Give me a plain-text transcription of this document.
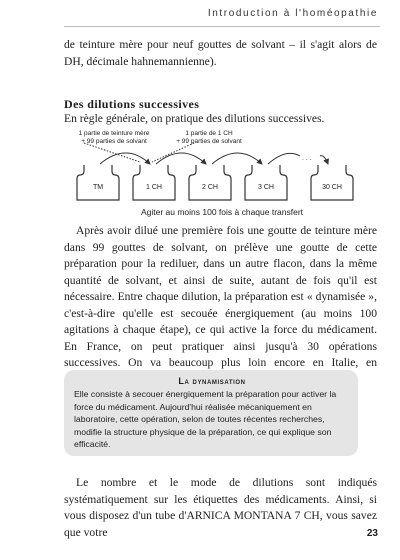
Introduction à l'homéopathie
de teinture mère pour neuf gouttes de solvant – il s'agit alors de DH, décimale hahnemannienne).
Des dilutions successives
En règle générale, on pratique des dilutions successives.
. . .
1 partie de teinture mère
+ 99 parties de solvant
1 partie de 1 CH
+ 99 parties de solvant
TM	1 CH	2 CH	3 CH	30 CH
Agiter au moins 100 fois à chaque transfert
Après avoir dilué une première fois une goutte de teinture mère dans 99 gouttes de solvant, on prélève une goutte de cette préparation pour la rediluer, dans un autre flacon, dans la même quantité de solvant, et ainsi de suite, autant de fois qu'il est nécessaire. Entre chaque dilution, la préparation est « dynamisée », c'est-à-dire qu'elle est secouée énergiquement (au moins 100 agitations à chaque étape), ce qui active la force du médicament. En France, on peut pratiquer ainsi jusqu'à 30 opérations successives. On va beaucoup plus loin encore en Italie, en
La dynamisation
Elle consiste à secouer énergiquement la préparation pour activer la force du médicament. Aujourd'hui réalisée mécaniquement en laboratoire, cette opération, selon de toutes récentes recherches, modifie la structure physique de la préparation, ce qui explique son efficacité.
Le nombre et le mode de dilutions sont indiqués systématiquement sur les étiquettes des médicaments. Ainsi, si vous disposez d'un tube d'ARNICA MONTANA 7 CH, vous savez que votre	23
